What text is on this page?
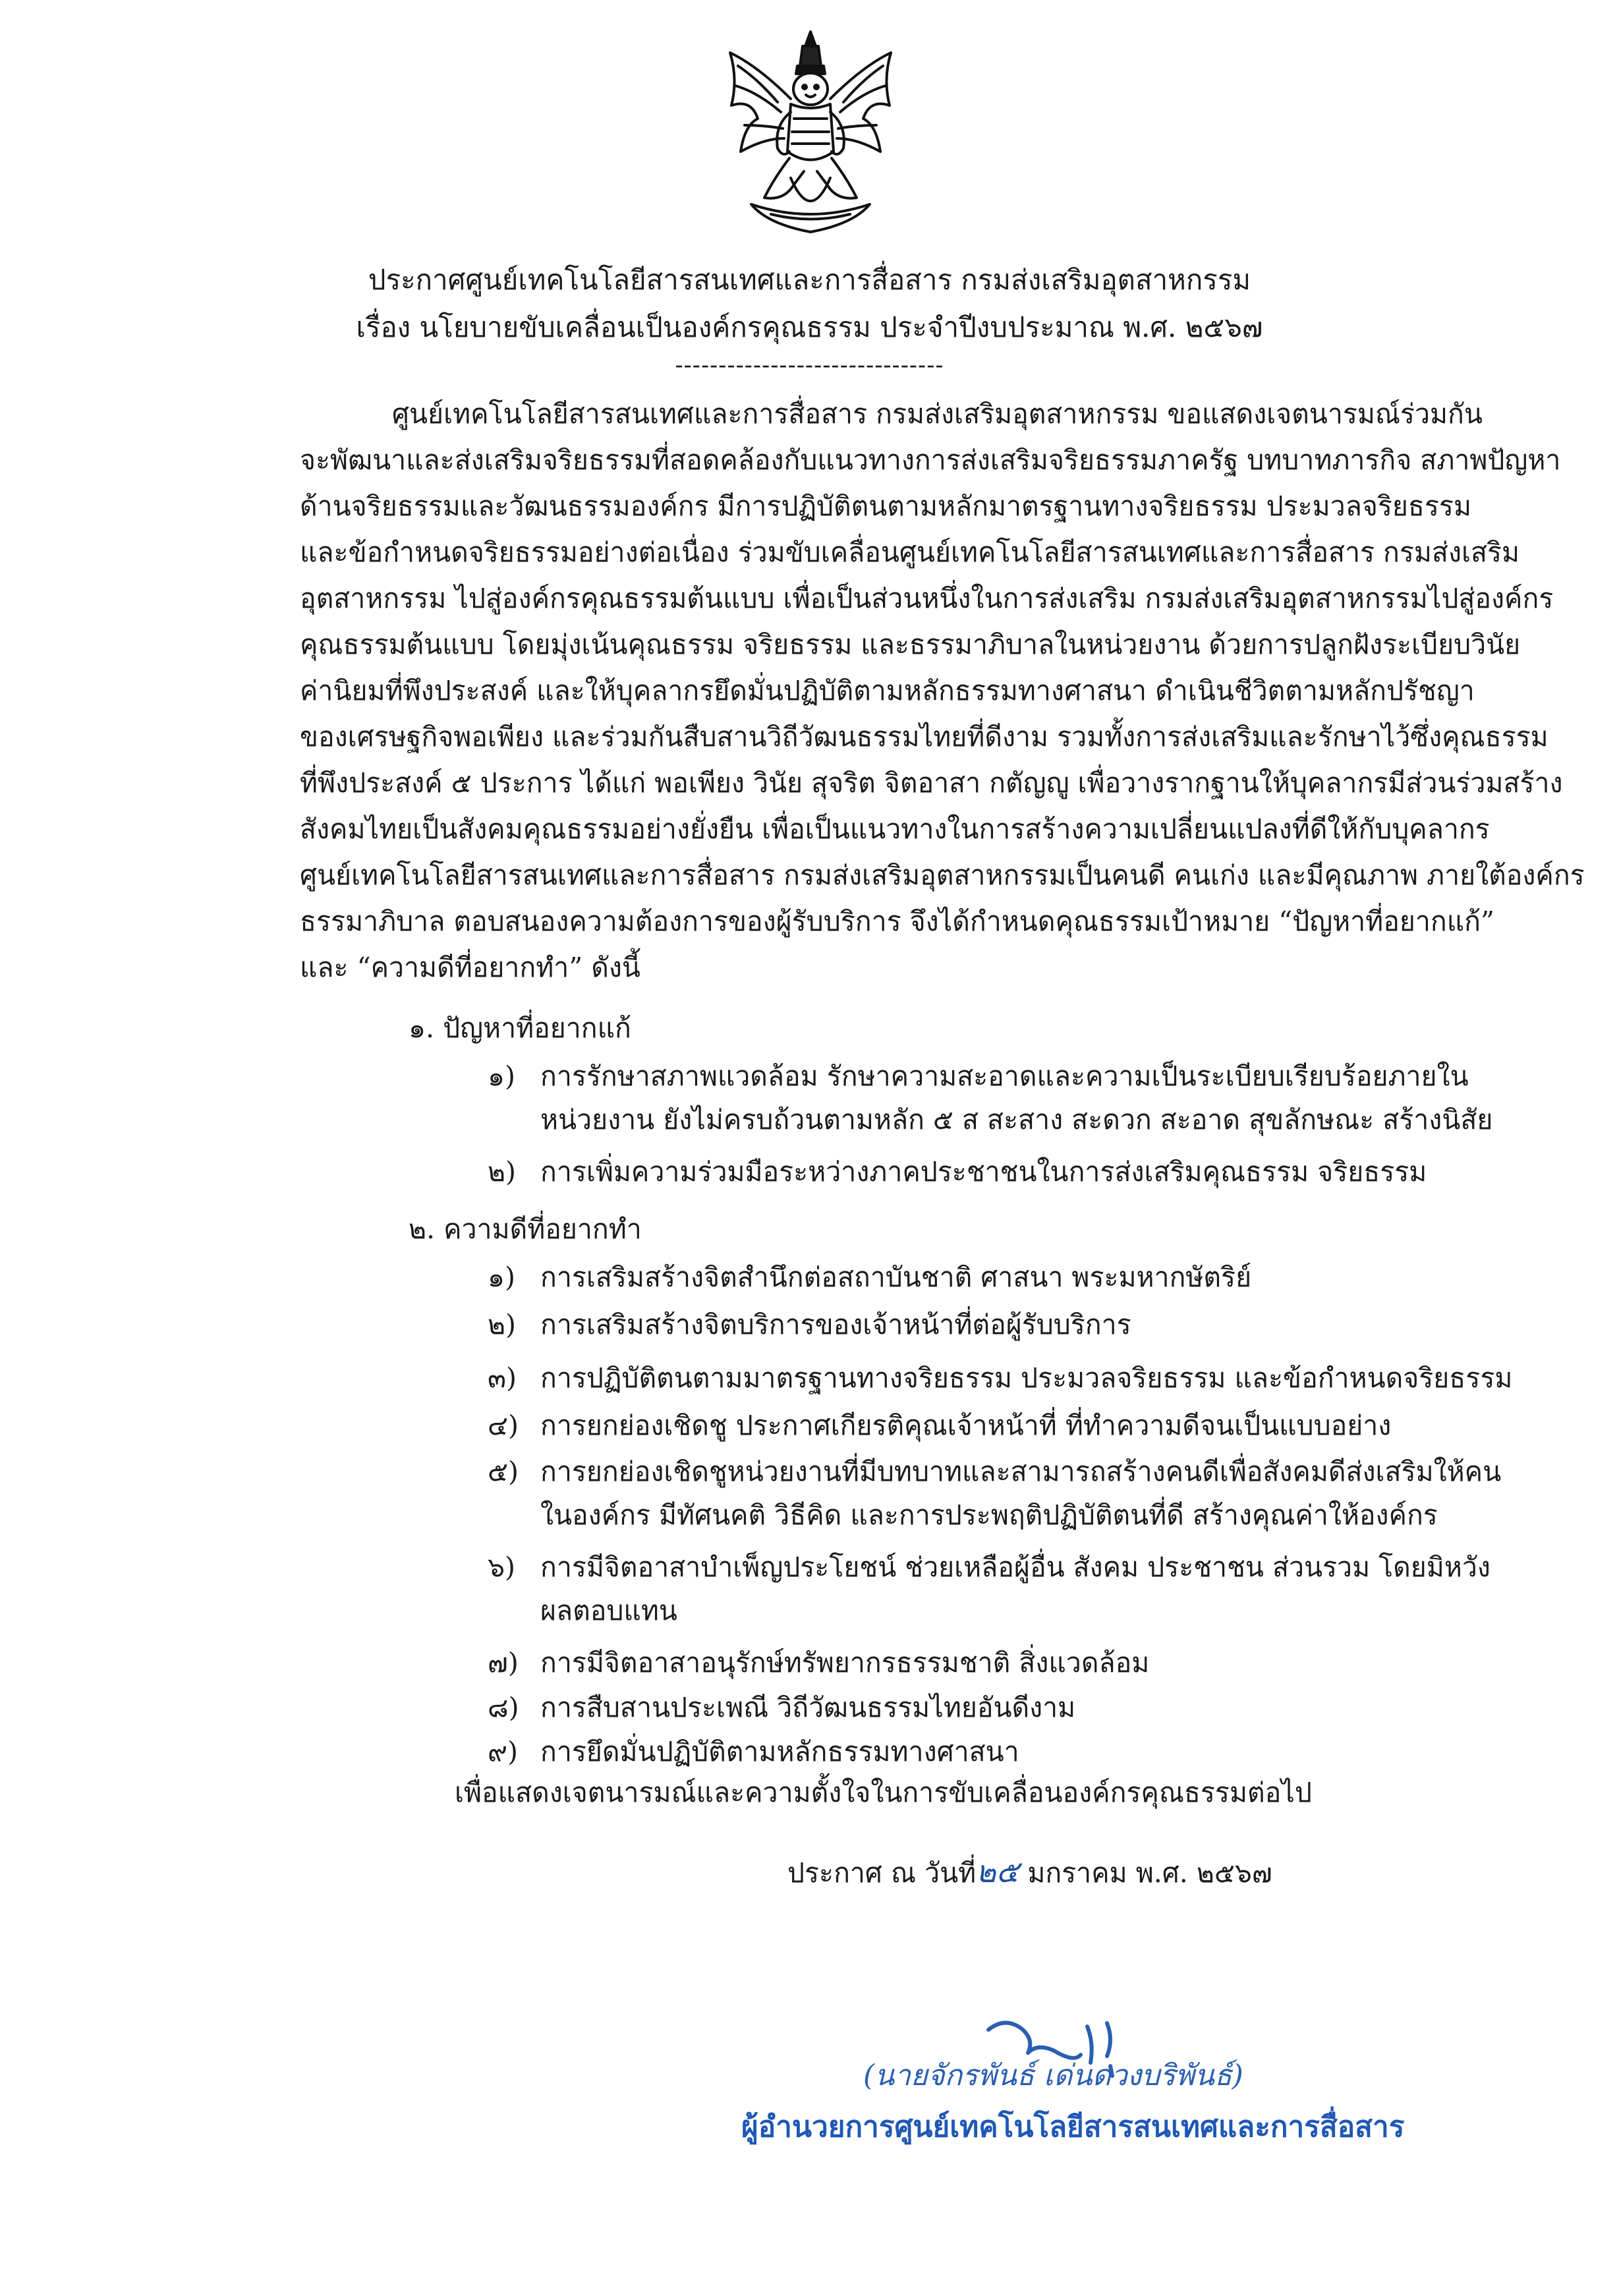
ประกาศศูนย์เทคโนโลยีสารสนเทศและการสื่อสาร กรมส่งเสริมอุตสาหกรรม
เรื่อง นโยบายขับเคลื่อนเป็นองค์กรคุณธรรม ประจำปีงบประมาณ พ.ศ. ๒๕๖๗
-------------------------------
ศูนย์เทคโนโลยีสารสนเทศและการสื่อสาร กรมส่งเสริมอุตสาหกรรม ขอแสดงเจตนารมณ์ร่วมกัน
จะพัฒนาและส่งเสริมจริยธรรมที่สอดคล้องกับแนวทางการส่งเสริมจริยธรรมภาครัฐ บทบาทภารกิจ สภาพปัญหา
ด้านจริยธรรมและวัฒนธรรมองค์กร มีการปฏิบัติตนตามหลักมาตรฐานทางจริยธรรม ประมวลจริยธรรม
และข้อกำหนดจริยธรรมอย่างต่อเนื่อง ร่วมขับเคลื่อนศูนย์เทคโนโลยีสารสนเทศและการสื่อสาร กรมส่งเสริม
อุตสาหกรรม ไปสู่องค์กรคุณธรรมต้นแบบ เพื่อเป็นส่วนหนึ่งในการส่งเสริม กรมส่งเสริมอุตสาหกรรมไปสู่องค์กร
คุณธรรมต้นแบบ โดยมุ่งเน้นคุณธรรม จริยธรรม และธรรมาภิบาลในหน่วยงาน ด้วยการปลูกฝังระเบียบวินัย
ค่านิยมที่พึงประสงค์ และให้บุคลากรยึดมั่นปฏิบัติตามหลักธรรมทางศาสนา ดำเนินชีวิตตามหลักปรัชญา
ของเศรษฐกิจพอเพียง และร่วมกันสืบสานวิถีวัฒนธรรมไทยที่ดีงาม รวมทั้งการส่งเสริมและรักษาไว้ซึ่งคุณธรรม
ที่พึงประสงค์ ๕ ประการ ได้แก่ พอเพียง วินัย สุจริต จิตอาสา กตัญญู เพื่อวางรากฐานให้บุคลากรมีส่วนร่วมสร้าง
สังคมไทยเป็นสังคมคุณธรรมอย่างยั่งยืน เพื่อเป็นแนวทางในการสร้างความเปลี่ยนแปลงที่ดีให้กับบุคลากร
ศูนย์เทคโนโลยีสารสนเทศและการสื่อสาร กรมส่งเสริมอุตสาหกรรมเป็นคนดี คนเก่ง และมีคุณภาพ ภายใต้องค์กร
ธรรมาภิบาล ตอบสนองความต้องการของผู้รับบริการ จึงได้กำหนดคุณธรรมเป้าหมาย “ปัญหาที่อยากแก้”
และ “ความดีที่อยากทำ” ดังนี้
๑. ปัญหาที่อยากแก้
๑) การรักษาสภาพแวดล้อม รักษาความสะอาดและความเป็นระเบียบเรียบร้อยภายในหน่วยงาน ยังไม่ครบถ้วนตามหลัก ๕ ส สะสาง สะดวก สะอาด สุขลักษณะ สร้างนิสัย
๒) การเพิ่มความร่วมมือระหว่างภาคประชาชนในการส่งเสริมคุณธรรม จริยธรรม
๒. ความดีที่อยากทำ
๑) การเสริมสร้างจิตสำนึกต่อสถาบันชาติ ศาสนา พระมหากษัตริย์
๒) การเสริมสร้างจิตบริการของเจ้าหน้าที่ต่อผู้รับบริการ
๓) การปฏิบัติตนตามมาตรฐานทางจริยธรรม ประมวลจริยธรรม และข้อกำหนดจริยธรรม
๔) การยกย่องเชิดชู ประกาศเกียรติคุณเจ้าหน้าที่ ที่ทำความดีจนเป็นแบบอย่าง
๕) การยกย่องเชิดชูหน่วยงานที่มีบทบาทและสามารถสร้างคนดีเพื่อสังคมดีส่งเสริมให้คน ในองค์กร มีทัศนคติ วิธีคิด และการประพฤติปฏิบัติตนที่ดี สร้างคุณค่าให้องค์กร
๖) การมีจิตอาสาบำเพ็ญประโยชน์ ช่วยเหลือผู้อื่น สังคม ประชาชน ส่วนรวม โดยมิหวัง ผลตอบแทน
๗) การมีจิตอาสาอนุรักษ์ทรัพยากรธรรมชาติ สิ่งแวดล้อม
๘) การสืบสานประเพณี วิถีวัฒนธรรมไทยอันดีงาม
๙) การยึดมั่นปฏิบัติตามหลักธรรมทางศาสนา
เพื่อแสดงเจตนารมณ์และความตั้งใจในการขับเคลื่อนองค์กรคุณธรรมต่อไป
ประกาศ ณ วันที่๒๕ มกราคม พ.ศ. ๒๕๖๗
(นายจักรพันธ์ เด่นดวงบริพันธ์)
ผู้อำนวยการศูนย์เทคโนโลยีสารสนเทศและการสื่อสาร
